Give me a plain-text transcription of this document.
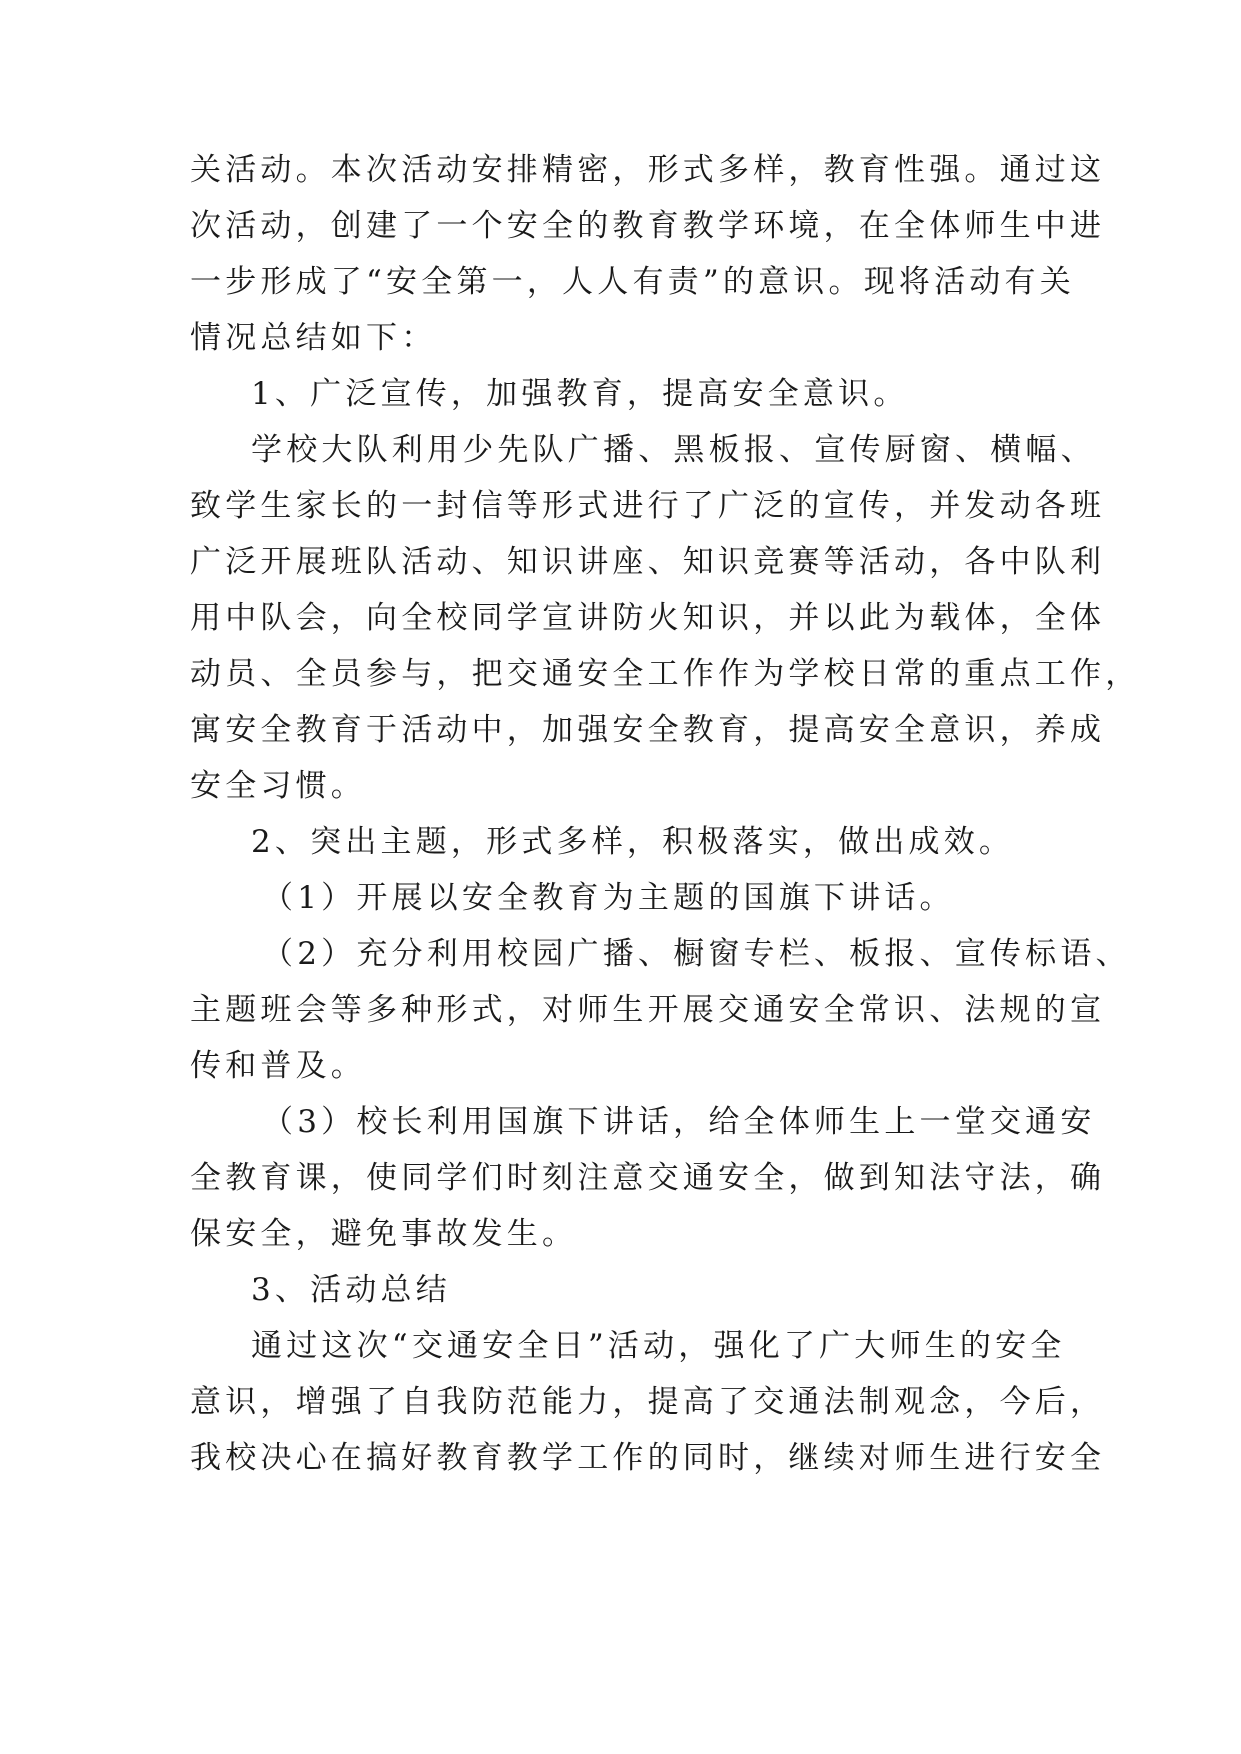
关活动。本次活动安排精密，形式多样，教育性强。通过这
次活动，创建了一个安全的教育教学环境，在全体师生中进
一步形成了“安全第一，人人有责”的意识。现将活动有关
情况总结如下：
1、广泛宣传，加强教育，提高安全意识。
学校大队利用少先队广播、黑板报、宣传厨窗、横幅、
致学生家长的一封信等形式进行了广泛的宣传，并发动各班
广泛开展班队活动、知识讲座、知识竞赛等活动，各中队利
用中队会，向全校同学宣讲防火知识，并以此为载体，全体
动员、全员参与，把交通安全工作作为学校日常的重点工作，
寓安全教育于活动中，加强安全教育，提高安全意识，养成
安全习惯。
2、突出主题，形式多样，积极落实，做出成效。
（1）开展以安全教育为主题的国旗下讲话。
（2）充分利用校园广播、橱窗专栏、板报、宣传标语、
主题班会等多种形式，对师生开展交通安全常识、法规的宣
传和普及。
（3）校长利用国旗下讲话，给全体师生上一堂交通安
全教育课，使同学们时刻注意交通安全，做到知法守法，确
保安全，避免事故发生。
3、活动总结
通过这次“交通安全日”活动，强化了广大师生的安全
意识，增强了自我防范能力，提高了交通法制观念，今后，
我校决心在搞好教育教学工作的同时，继续对师生进行安全
